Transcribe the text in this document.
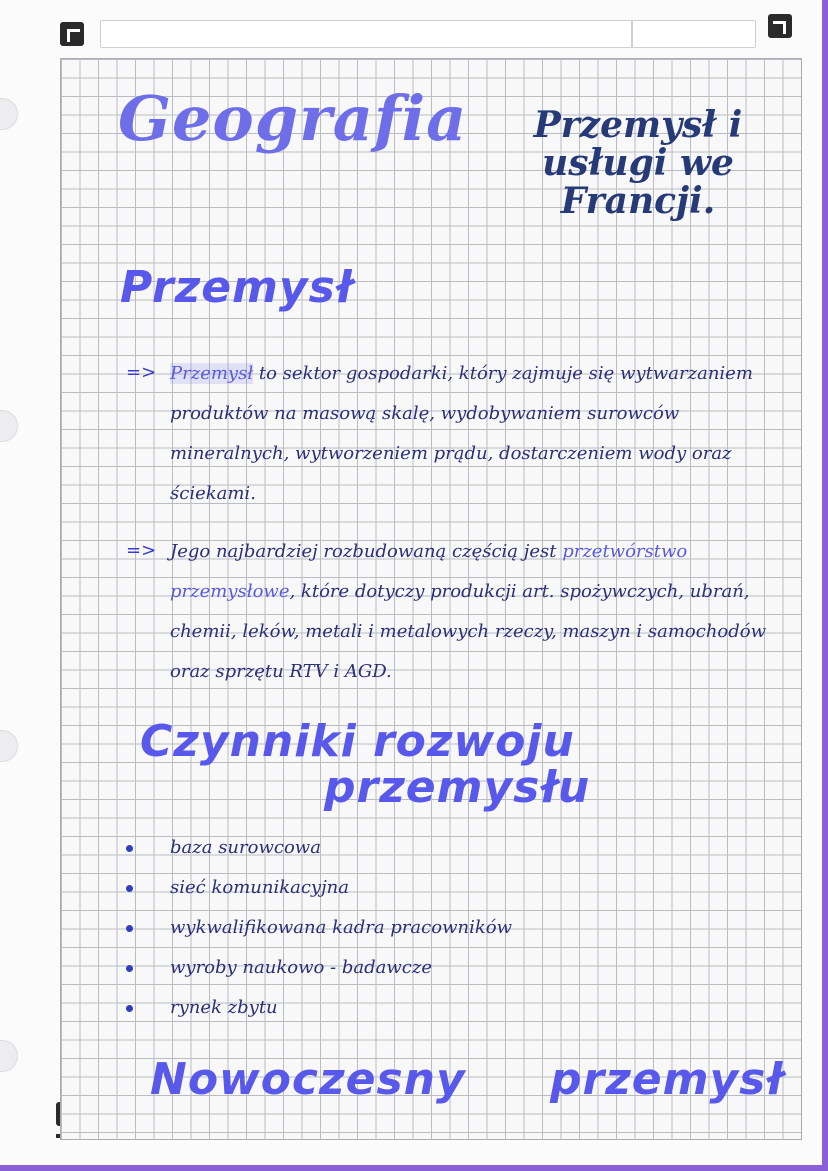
Geografia	Przemysł i
usługi we
Francji.
Przemysł
=> Przemysł to sektor gospodarki, który zajmuje się wytwarzaniem produktów na masową skalę, wydobywaniem surowców mineralnych, wytworzeniem prądu, dostarczeniem wody oraz ściekami.
=> Jego najbardziej rozbudowaną częścią jest przetwórstwo przemysłowe, które dotyczy produkcji art. spożywczych, ubrań, chemii, leków, metali i metalowych rzeczy, maszyn i samochodów oraz sprzętu RTV i AGD.
Czynniki rozwoju
przemysłu
baza surowcowa
sieć komunikacyjna
wykwalifikowana kadra pracowników
wyroby naukowo - badawcze
rynek zbytu
Nowoczesny przemysł
